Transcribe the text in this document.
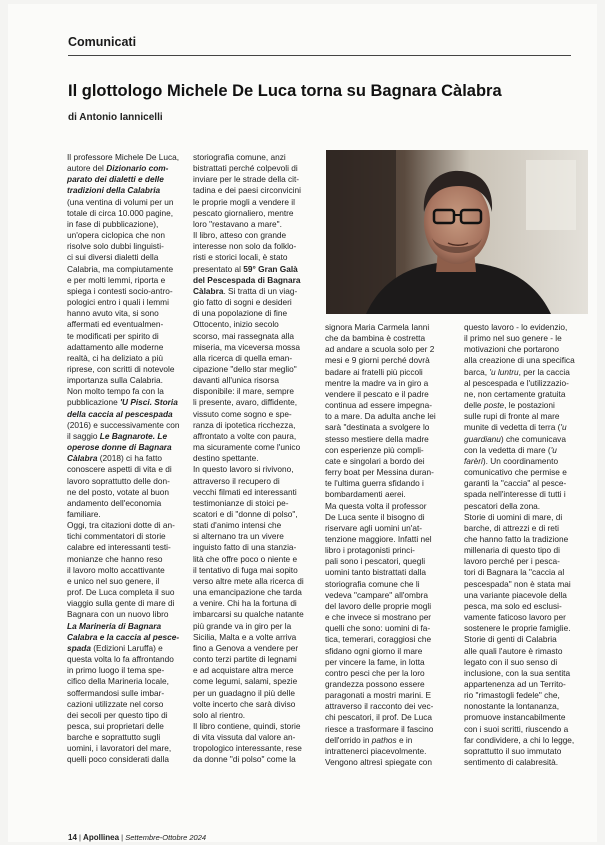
Comunicati
Il glottologo Michele De Luca torna su Bagnara Càlabra
di Antonio Iannicelli

Il professore Michele De Luca,

autore del Dizionario com-

parato dei dialetti e delle

tradizioni della Calabria

(una ventina di volumi per un

totale di circa 10.000 pagine,

in fase di pubblicazione),

un'opera ciclopica che non

risolve solo dubbi linguisti-

ci sui diversi dialetti della

Calabria, ma compiutamente

e per molti lemmi, riporta e

spiega i contesti socio-antro-

pologici entro i quali i lemmi

hanno avuto vita, si sono

affermati ed eventualmen-

te modificati per spirito di

adattamento alle moderne

realtà, ci ha deliziato a più

riprese, con scritti di notevole

importanza sulla Calabria.

Non molto tempo fa con la

pubblicazione 'U Pisci. Storia

della caccia al pescespada

(2016) e successivamente con

il saggio Le Bagnarote. Le

operose donne di Bagnara

Càlabra (2018) ci ha fatto

conoscere aspetti di vita e di

lavoro soprattutto delle don-

ne del posto, votate al buon

andamento dell'economia

familiare.

Oggi, tra citazioni dotte di an-

tichi commentatori di storie

calabre ed interessanti testi-

monianze che hanno reso

il lavoro molto accattivante

e unico nel suo genere, il

prof. De Luca completa il suo

viaggio sulla gente di mare di

Bagnara con un nuovo libro

La Marineria di Bagnara

Calabra e la caccia al pesce-

spada (Edizioni Laruffa) e

questa volta lo fa affrontando

in primo luogo il tema spe-

cifico della Marineria locale,

soffermandosi sulle imbar-

cazioni utilizzate nel corso

dei secoli per questo tipo di

pesca, sui proprietari delle

barche e soprattutto sugli

uomini, i lavoratori del mare,

quelli poco considerati dalla

storiografia comune, anzi

bistrattati perché colpevoli di

inviare per le strade della cit-

tadina e dei paesi circonvicini

le proprie mogli a vendere il

pescato giornaliero, mentre

loro "restavano a mare".

Il libro, atteso con grande

interesse non solo da folklo-

risti e storici locali, è stato

presentato al 59° Gran Galà

del Pescespada di Bagnara

Càlabra. Si tratta di un viag-

gio fatto di sogni e desideri

di una popolazione di fine

Ottocento, inizio secolo

scorso, mai rassegnata alla

miseria, ma viceversa mossa

alla ricerca di quella eman-

cipazione "dello star meglio"

davanti all'unica risorsa

disponibile: il mare, sempre

li presente, avaro, diffidente,

vissuto come sogno e spe-

ranza di ipotetica ricchezza,

affrontato a volte con paura,

ma sicuramente come l'unico

destino spettante.

In questo lavoro si rivivono,

attraverso il recupero di

vecchi filmati ed interessanti

testimonianze di stoici pe-

scatori e di "donne di polso",

stati d'animo intensi che

si alternano tra un vivere

inguisto fatto di una stanzia-

lità che offre poco o niente e

il tentativo di fuga mai sopito

verso altre mete alla ricerca di

una emancipazione che tarda

a venire. Chi ha la fortuna di

imbarcarsi su qualche natante

più grande va in giro per la

Sicilia, Malta e a volte arriva

fino a Genova a vendere per

conto terzi partite di legnami

e ad acquistare altra merce

come legumi, salami, spezie

per un guadagno il più delle

volte incerto che sarà diviso

solo al rientro.

Il libro contiene, quindi, storie

di vita vissuta dal valore an-

tropologico interessante, rese

da donne "di polso" come la

signora Maria Carmela Ianni

che da bambina è costretta

ad andare a scuola solo per 2

mesi e 9 giorni perché dovrà

badare ai fratelli più piccoli

mentre la madre va in giro a

vendere il pescato e il padre

continua ad essere impegna-

to a mare. Da adulta anche lei

sarà "destinata a svolgere lo

stesso mestiere della madre

con esperienze più compli-

cate e singolari a bordo dei

ferry boat per Messina duran-

te l'ultima guerra sfidando i

bombardamenti aerei.

Ma questa volta il professor

De Luca sente il bisogno di

riservare agli uomini un'at-

tenzione maggiore. Infatti nel

libro i protagonisti princi-

pali sono i pescatori, quegli

uomini tanto bistrattati dalla

storiografia comune che li

vedeva "campare" all'ombra

del lavoro delle proprie mogli

e che invece si mostrano per

quelli che sono: uomini di fa-

tica, temerari, coraggiosi che

sfidano ogni giorno il mare

per vincere la fame, in lotta

contro pesci che per la loro

grandezza possono essere

paragonati a mostri marini. E

attraverso il racconto dei vec-

chi pescatori, il prof. De Luca

riesce a trasformare il fascino

dell'orrido in pathos e in

intrattenerci piacevolmente.

Vengono altresì spiegate con

questo lavoro - lo evidenzio,

il primo nel suo genere - le

motivazioni che portarono

alla creazione di una specifica

barca, 'u luntru, per la caccia

al pescespada e l'utilizzazio-

ne, non certamente gratuita

delle poste, le postazioni

sulle rupi di fronte al mare

munite di vedetta di terra ('u

guardianu) che comunicava

con la vedetta di mare ('u

farèri). Un coordinamento

comunicativo che permise e

garantì la "caccia" al pesce-

spada nell'interesse di tutti i

pescatori della zona.

Storie di uomini di mare, di

barche, di attrezzi e di reti

che hanno fatto la tradizione

millenaria di questo tipo di

lavoro perché per i pesca-

tori di Bagnara la "caccia al

pescespada" non è stata mai

una variante piacevole della

pesca, ma solo ed esclusi-

vamente faticoso lavoro per

sostenere le proprie famiglie.

Storie di genti di Calabria

alle quali l'autore è rimasto

legato con il suo senso di

inclusione, con la sua sentita

appartenenza ad un Territo-

rio "rimastogli fedele" che,

nonostante la lontananza,

promuove instancabilmente

con i suoi scritti, riuscendo a

far condividere, a chi lo legge,

soprattutto il suo immutato

sentimento di calabresità.

14 | Apollinea | Settembre-Ottobre 2024
